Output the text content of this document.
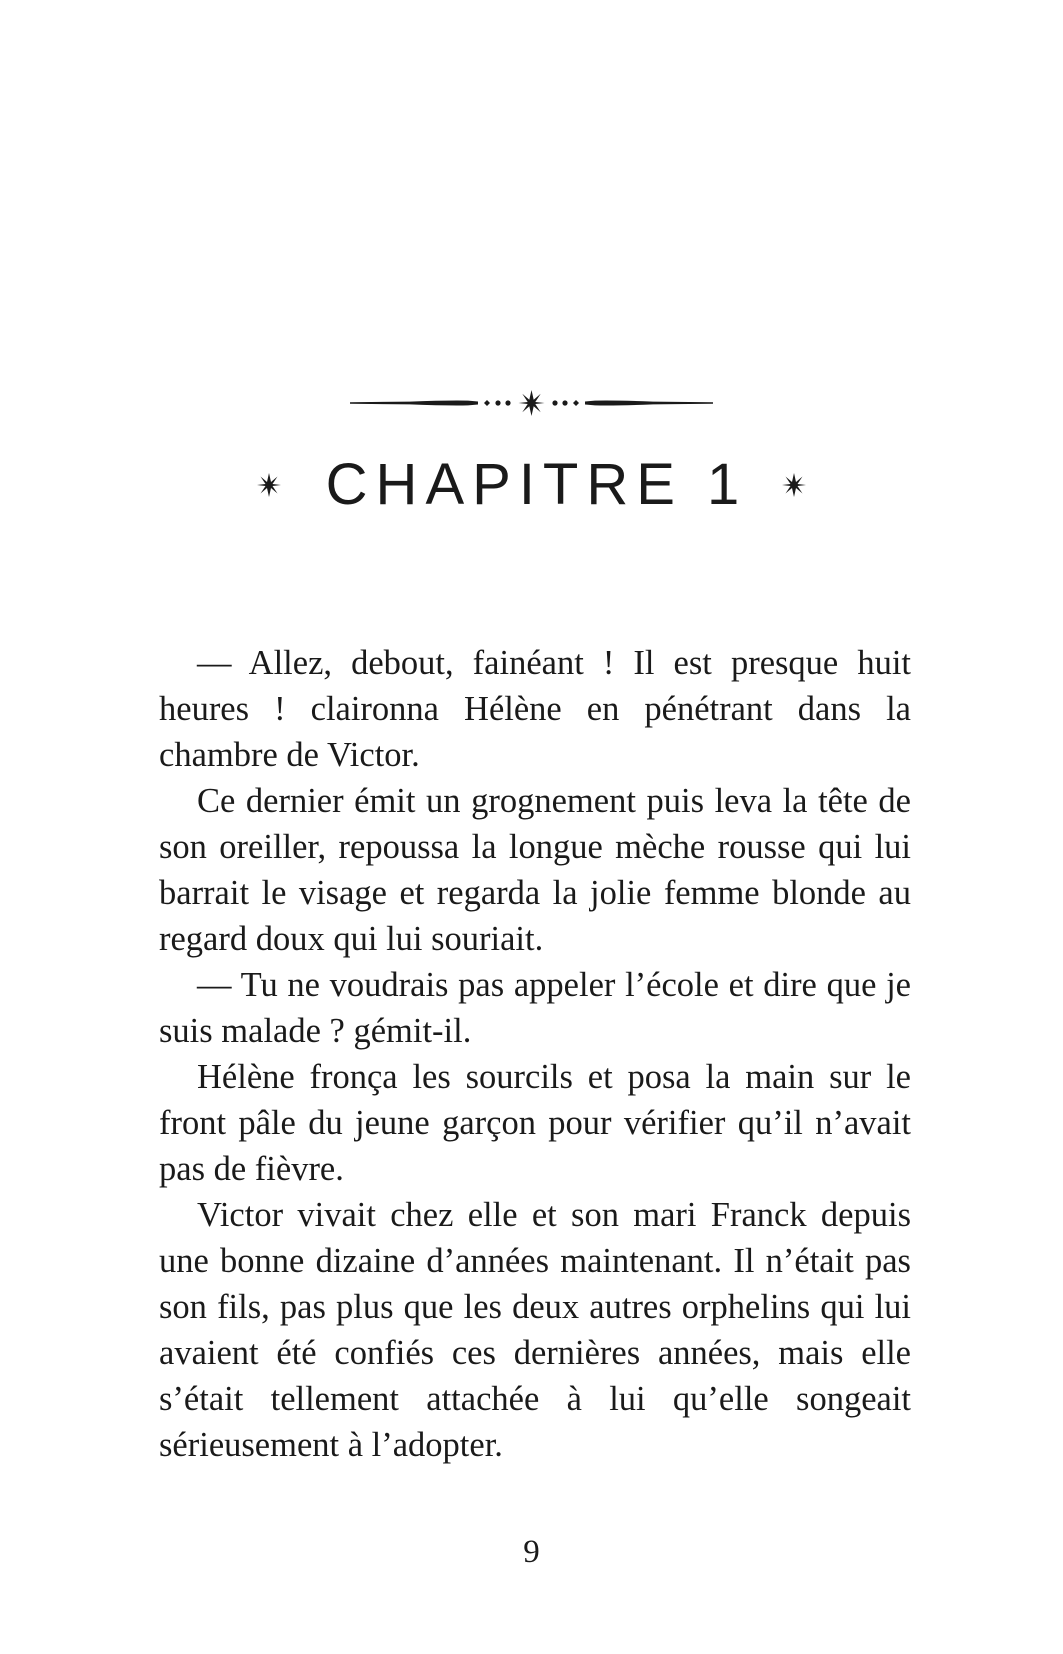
CHAPITRE 1

— Allez, debout, fainéant ! Il est presque huit heures ! claironna Hélène en pénétrant dans la chambre de Victor.

Ce dernier émit un grognement puis leva la tête de son oreiller, repoussa la longue mèche rousse qui lui barrait le visage et regarda la jolie femme blonde au regard doux qui lui souriait.

— Tu ne voudrais pas appeler l’école et dire que je suis malade ? gémit-il.

Hélène fronça les sourcils et posa la main sur le front pâle du jeune garçon pour vérifier qu’il n’avait pas de fièvre.

Victor vivait chez elle et son mari Franck depuis une bonne dizaine d’années maintenant. Il n’était pas son fils, pas plus que les deux autres orphelins qui lui avaient été confiés ces dernières années, mais elle s’était tellement attachée à lui qu’elle songeait sérieusement à l’adopter.

9
